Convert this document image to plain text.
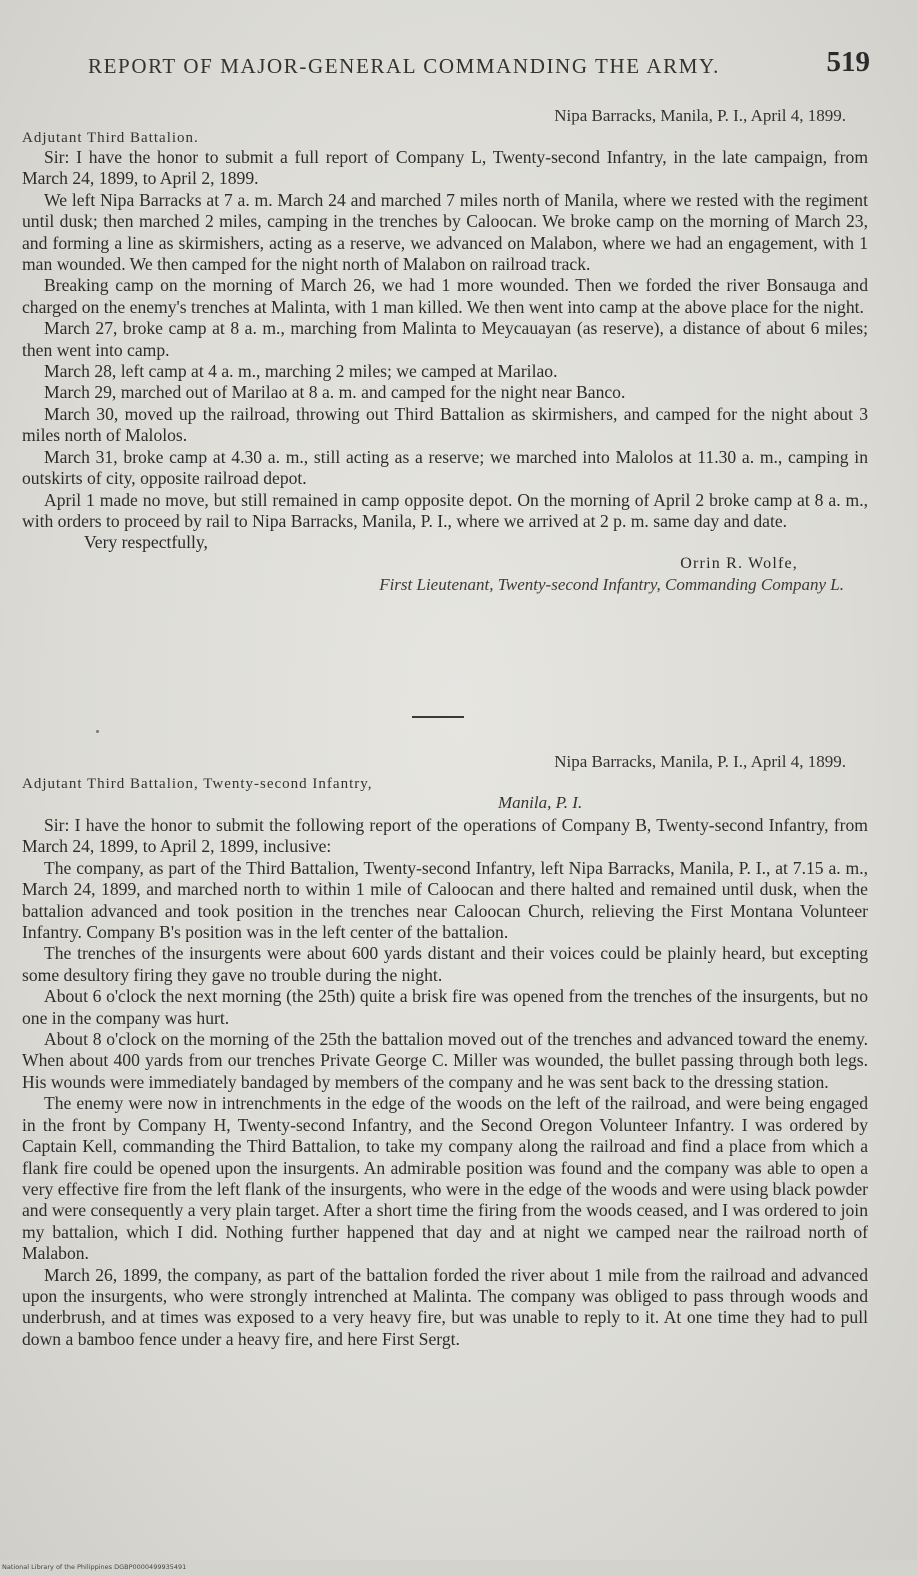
REPORT OF MAJOR-GENERAL COMMANDING THE ARMY.	519

Nipa Barracks, Manila, P. I., April 4, 1899.

Adjutant Third Battalion.

Sir: I have the honor to submit a full report of Company L, Twenty-second Infantry, in the late campaign, from March 24, 1899, to April 2, 1899.

We left Nipa Barracks at 7 a. m. March 24 and marched 7 miles north of Manila, where we rested with the regiment until dusk; then marched 2 miles, camping in the trenches by Caloocan. We broke camp on the morning of March 23, and forming a line as skirmishers, acting as a reserve, we advanced on Malabon, where we had an engagement, with 1 man wounded. We then camped for the night north of Malabon on railroad track.

Breaking camp on the morning of March 26, we had 1 more wounded. Then we forded the river Bonsauga and charged on the enemy's trenches at Malinta, with 1 man killed. We then went into camp at the above place for the night.

March 27, broke camp at 8 a. m., marching from Malinta to Meycauayan (as reserve), a distance of about 6 miles; then went into camp.

March 28, left camp at 4 a. m., marching 2 miles; we camped at Marilao.

March 29, marched out of Marilao at 8 a. m. and camped for the night near Banco.

March 30, moved up the railroad, throwing out Third Battalion as skirmishers, and camped for the night about 3 miles north of Malolos.

March 31, broke camp at 4.30 a. m., still acting as a reserve; we marched into Malolos at 11.30 a. m., camping in outskirts of city, opposite railroad depot.

April 1 made no move, but still remained in camp opposite depot. On the morning of April 2 broke camp at 8 a. m., with orders to proceed by rail to Nipa Barracks, Manila, P. I., where we arrived at 2 p. m. same day and date.

Very respectfully,

Orrin R. Wolfe,

First Lieutenant, Twenty-second Infantry, Commanding Company L.

Nipa Barracks, Manila, P. I., April 4, 1899.

Adjutant Third Battalion, Twenty-second Infantry,

Manila, P. I.

Sir: I have the honor to submit the following report of the operations of Company B, Twenty-second Infantry, from March 24, 1899, to April 2, 1899, inclusive:

The company, as part of the Third Battalion, Twenty-second Infantry, left Nipa Barracks, Manila, P. I., at 7.15 a. m., March 24, 1899, and marched north to within 1 mile of Caloocan and there halted and remained until dusk, when the battalion advanced and took position in the trenches near Caloocan Church, relieving the First Montana Volunteer Infantry. Company B's position was in the left center of the battalion.

The trenches of the insurgents were about 600 yards distant and their voices could be plainly heard, but excepting some desultory firing they gave no trouble during the night.

About 6 o'clock the next morning (the 25th) quite a brisk fire was opened from the trenches of the insurgents, but no one in the company was hurt.

About 8 o'clock on the morning of the 25th the battalion moved out of the trenches and advanced toward the enemy. When about 400 yards from our trenches Private George C. Miller was wounded, the bullet passing through both legs. His wounds were immediately bandaged by members of the company and he was sent back to the dressing station.

The enemy were now in intrenchments in the edge of the woods on the left of the railroad, and were being engaged in the front by Company H, Twenty-second Infantry, and the Second Oregon Volunteer Infantry. I was ordered by Captain Kell, commanding the Third Battalion, to take my company along the railroad and find a place from which a flank fire could be opened upon the insurgents. An admirable position was found and the company was able to open a very effective fire from the left flank of the insurgents, who were in the edge of the woods and were using black powder and were consequently a very plain target. After a short time the firing from the woods ceased, and I was ordered to join my battalion, which I did. Nothing further happened that day and at night we camped near the railroad north of Malabon.

March 26, 1899, the company, as part of the battalion forded the river about 1 mile from the railroad and advanced upon the insurgents, who were strongly intrenched at Malinta. The company was obliged to pass through woods and underbrush, and at times was exposed to a very heavy fire, but was unable to reply to it. At one time they had to pull down a bamboo fence under a heavy fire, and here First Sergt.

National Library of the Philippines DGBP0000499935491
